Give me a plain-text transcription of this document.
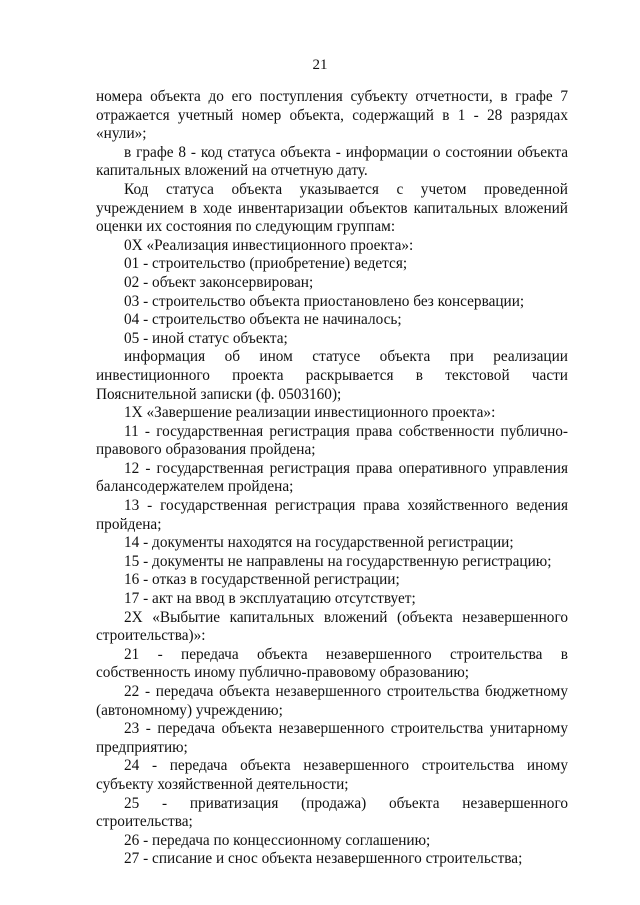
21

номера объекта до его поступления субъекту отчетности, в графе 7 отражается учетный номер объекта, содержащий в 1 - 28 разрядах «нули»;

в графе 8 - код статуса объекта - информации о состоянии объекта капитальных вложений на отчетную дату.

Код статуса объекта указывается с учетом проведенной учреждением в ходе инвентаризации объектов капитальных вложений оценки их состояния по следующим группам:

0Х «Реализация инвестиционного проекта»:

01 - строительство (приобретение) ведется;

02 - объект законсервирован;

03 - строительство объекта приостановлено без консервации;

04 - строительство объекта не начиналось;

05 - иной статус объекта;

информация об ином статусе объекта при реализации инвестиционного проекта раскрывается в текстовой части Пояснительной записки (ф. 0503160);

1Х «Завершение реализации инвестиционного проекта»:

11 - государственная регистрация права собственности публично-правового образования пройдена;

12 - государственная регистрация права оперативного управления балансодержателем пройдена;

13 - государственная регистрация права хозяйственного ведения пройдена;

14 - документы находятся на государственной регистрации;

15 - документы не направлены на государственную регистрацию;

16 - отказ в государственной регистрации;

17 - акт на ввод в эксплуатацию отсутствует;

2Х «Выбытие капитальных вложений (объекта незавершенного строительства)»:

21 - передача объекта незавершенного строительства в собственность иному публично-правовому образованию;

22 - передача объекта незавершенного строительства бюджетному (автономному) учреждению;

23 - передача объекта незавершенного строительства унитарному предприятию;

24 - передача объекта незавершенного строительства иному субъекту хозяйственной деятельности;

25 - приватизация (продажа) объекта незавершенного строительства;

26 - передача по концессионному соглашению;

27 - списание и снос объекта незавершенного строительства;
